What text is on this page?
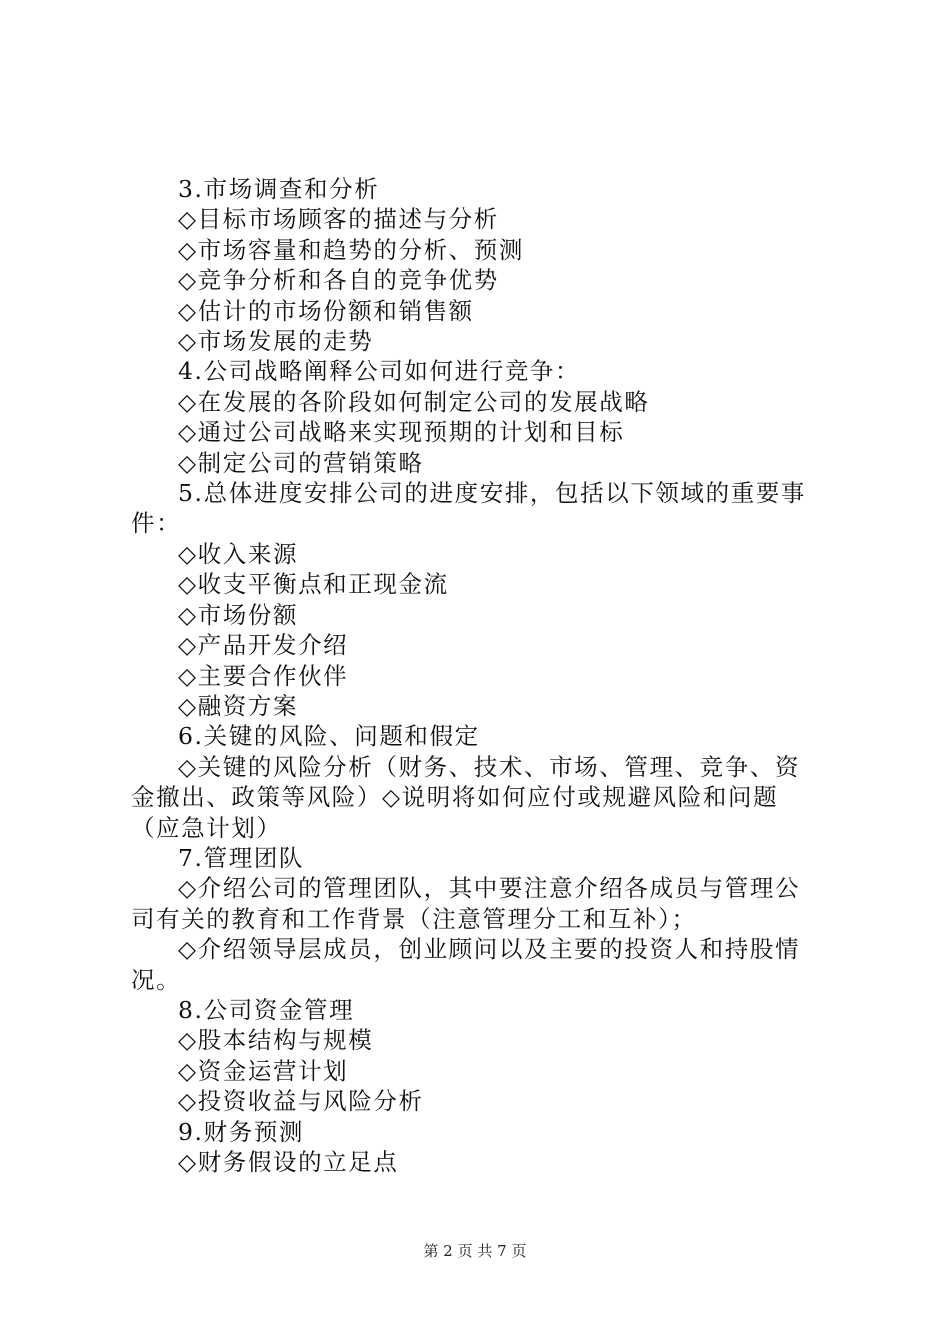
3.市场调查和分析
◇目标市场顾客的描述与分析
◇市场容量和趋势的分析、预测
◇竞争分析和各自的竞争优势
◇估计的市场份额和销售额
◇市场发展的走势
4.公司战略阐释公司如何进行竞争：
◇在发展的各阶段如何制定公司的发展战略
◇通过公司战略来实现预期的计划和目标
◇制定公司的营销策略
5.总体进度安排公司的进度安排，包括以下领域的重要事
件：
◇收入来源
◇收支平衡点和正现金流
◇市场份额
◇产品开发介绍
◇主要合作伙伴
◇融资方案
6.关键的风险、问题和假定
◇关键的风险分析（财务、技术、市场、管理、竞争、资
金撤出、政策等风险）◇说明将如何应付或规避风险和问题
（应急计划）
7.管理团队
◇介绍公司的管理团队，其中要注意介绍各成员与管理公
司有关的教育和工作背景（注意管理分工和互补）；
◇介绍领导层成员，创业顾问以及主要的投资人和持股情
况。
8.公司资金管理
◇股本结构与规模
◇资金运营计划
◇投资收益与风险分析
9.财务预测
◇财务假设的立足点
第 2 页 共 7 页
